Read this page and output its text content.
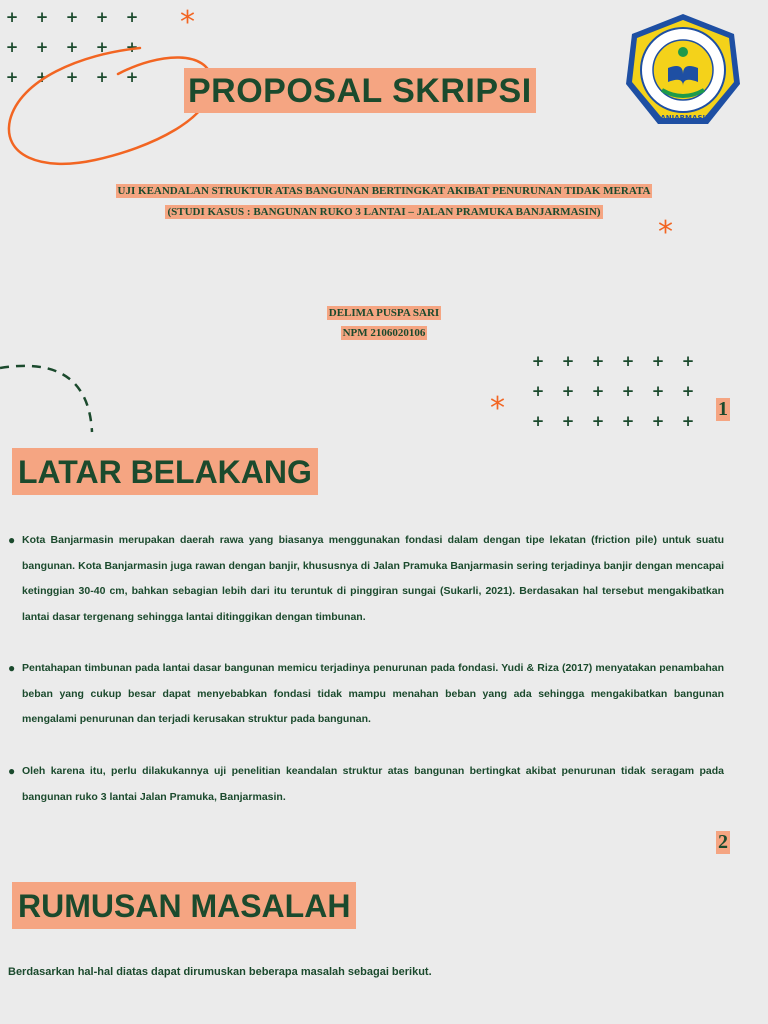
+	+	+	+	+
+	+	+	+	+
+	+	+	+	+
*
PROPOSAL SKRIPSI
BANJARMASIN
UJI KEANDALAN STRUKTUR ATAS BANGUNAN BERTINGKAT AKIBAT PENURUNAN TIDAK MERATA
(STUDI KASUS : BANGUNAN RUKO 3 LANTAI – JALAN PRAMUKA BANJARMASIN)
*
DELIMA PUSPA SARI
NPM 2106020106
+	+	+	+	+	+
+	+	+	+	+	+
+	+	+	+	+	+
*	1
LATAR BELAKANG
● Kota Banjarmasin merupakan daerah rawa yang biasanya menggunakan fondasi dalam dengan tipe lekatan (friction pile) untuk suatu bangunan. Kota Banjarmasin juga rawan dengan banjir, khususnya di Jalan Pramuka Banjarmasin sering terjadinya banjir dengan mencapai ketinggian 30-40 cm, bahkan sebagian lebih dari itu teruntuk di pinggiran sungai (Sukarli, 2021). Berdasakan hal tersebut mengakibatkan lantai dasar tergenang sehingga lantai ditinggikan dengan timbunan.
● Pentahapan timbunan pada lantai dasar bangunan memicu terjadinya penurunan pada fondasi. Yudi & Riza (2017) menyatakan penambahan beban yang cukup besar dapat menyebabkan fondasi tidak mampu menahan beban yang ada sehingga mengakibatkan bangunan mengalami penurunan dan terjadi kerusakan struktur pada bangunan.
● Oleh karena itu, perlu dilakukannya uji penelitian keandalan struktur atas bangunan bertingkat akibat penurunan tidak seragam pada bangunan ruko 3 lantai Jalan Pramuka, Banjarmasin.
2
RUMUSAN MASALAH
Berdasarkan hal-hal diatas dapat dirumuskan beberapa masalah sebagai berikut.
